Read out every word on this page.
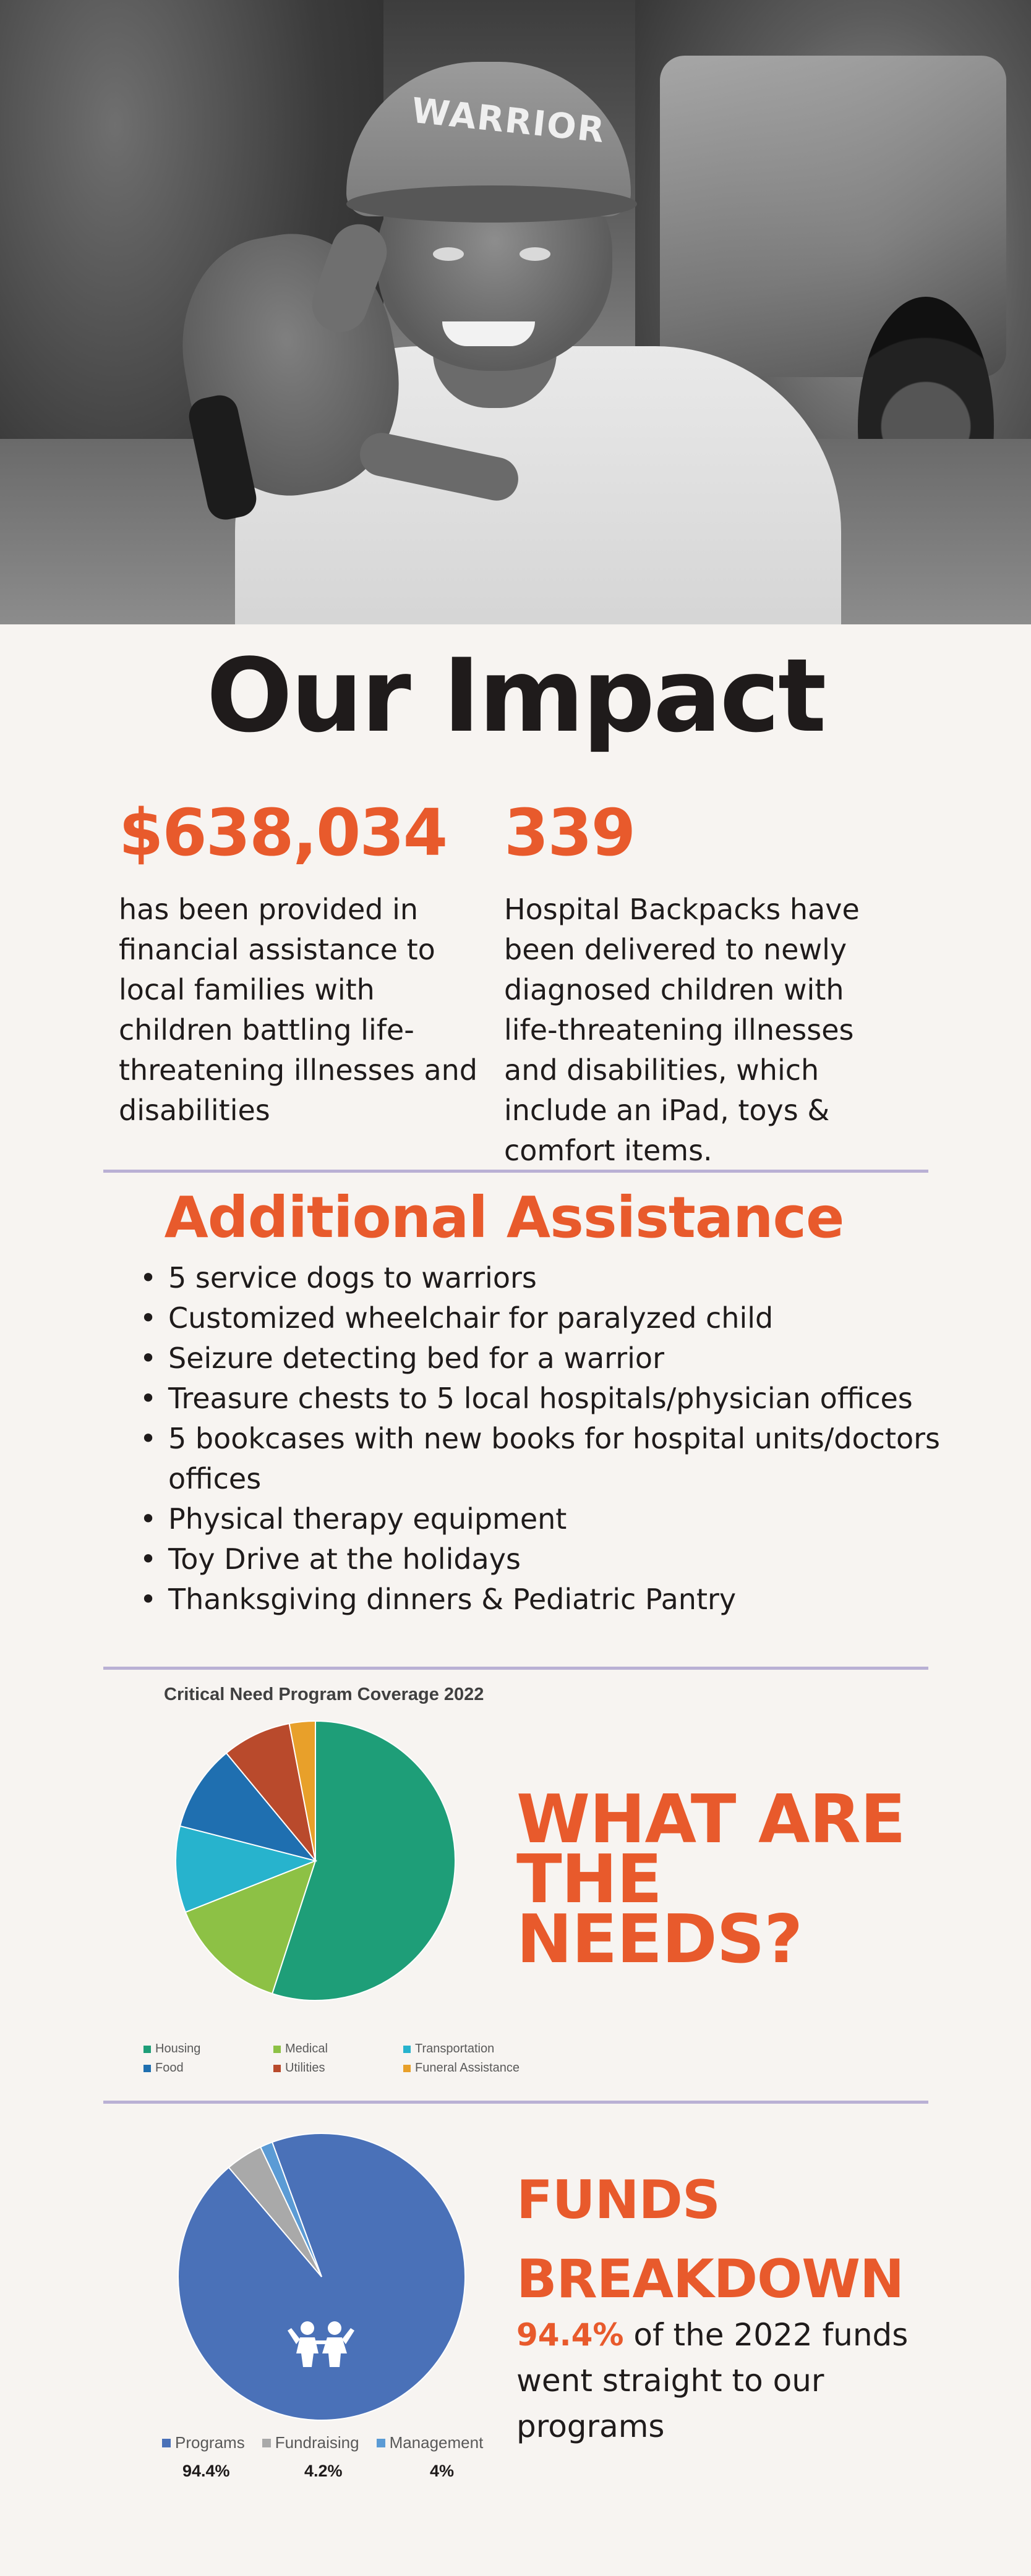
WARRIOR
Our Impact
$638,034
has been provided in financial assistance to local families with children battling life-threatening illnesses and disabilities
339
Hospital Backpacks have been delivered to newly diagnosed children with life-threatening illnesses and disabilities, which include an iPad, toys & comfort items.
Additional Assistance
• 5 service dogs to warriors
• Customized wheelchair for paralyzed child
• Seizure detecting bed for a warrior
• Treasure chests to 5 local hospitals/physician offices
• 5 bookcases with new books for hospital units/doctors offices
• Physical therapy equipment
• Toy Drive at the holidays
• Thanksgiving dinners & Pediatric Pantry
Critical Need Program Coverage 2022
Housing	Medical	Transportation
Food	Utilities	Funeral Assistance
WHAT ARE THE NEEDS?
Programs Fundraising Management
94.4%	4.2%	4%
FUNDS BREAKDOWN

94.4% of the 2022 funds went straight to our programs
